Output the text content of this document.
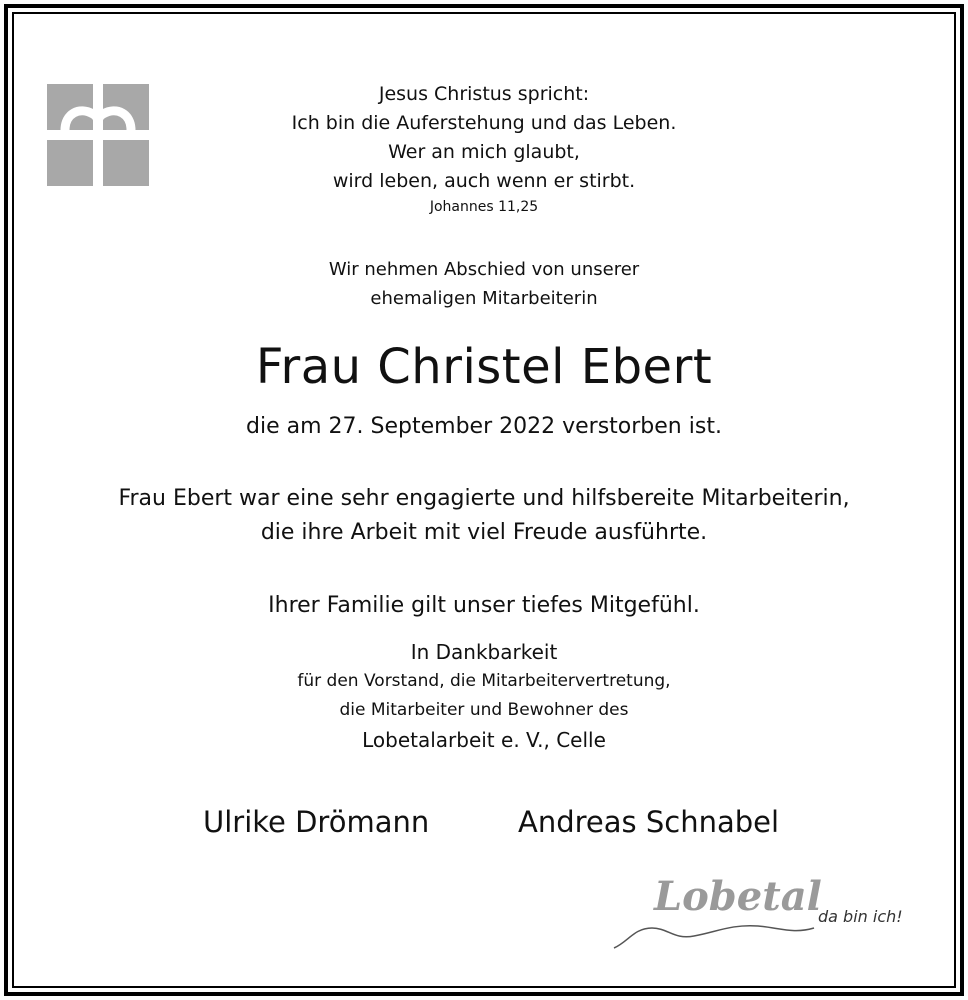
Jesus Christus spricht:
Ich bin die Auferstehung und das Leben.
Wer an mich glaubt,
wird leben, auch wenn er stirbt.
Johannes 11,25
Wir nehmen Abschied von unserer
ehemaligen Mitarbeiterin
Frau Christel Ebert
die am 27. September 2022 verstorben ist.
Frau Ebert war eine sehr engagierte und hilfsbereite Mitarbeiterin,
die ihre Arbeit mit viel Freude ausführte.
Ihrer Familie gilt unser tiefes Mitgefühl.
In Dankbarkeit
für den Vorstand, die Mitarbeitervertretung,
die Mitarbeiter und Bewohner des
Lobetalarbeit e. V., Celle
Ulrike Drömann	Andreas Schnabel
Lobetal
da bin ich!
